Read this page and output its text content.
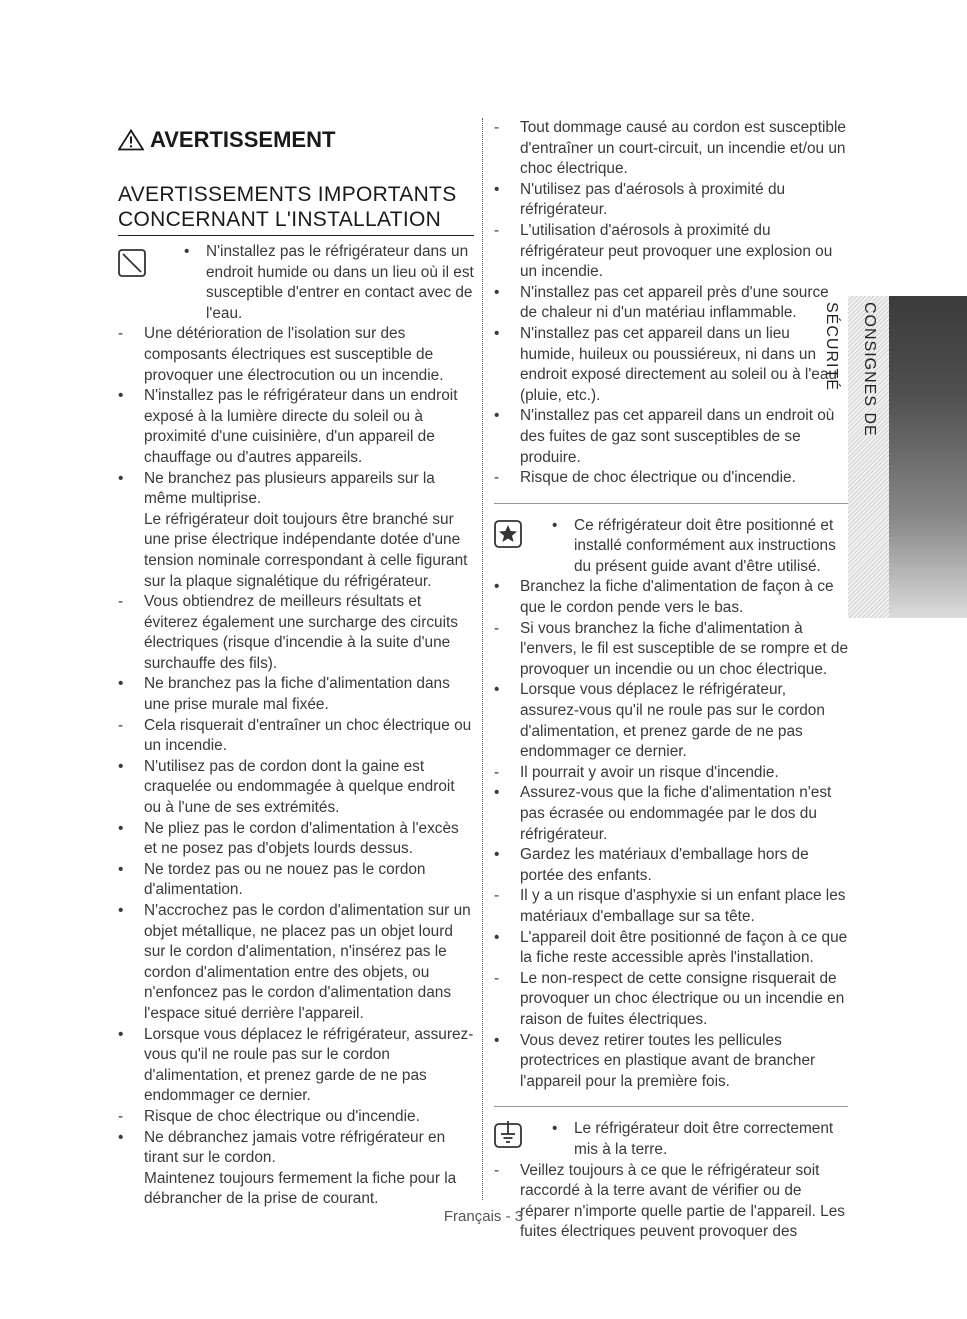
AVERTISSEMENT
AVERTISSEMENTS IMPORTANTS CONCERNANT L'INSTALLATION
• N'installez pas le réfrigérateur dans un endroit humide ou dans un lieu où il est susceptible d'entrer en contact avec de l'eau.
-
Une détérioration de l'isolation sur des composants électriques est susceptible de provoquer une électrocution ou un incendie.
•
N'installez pas le réfrigérateur dans un endroit exposé à la lumière directe du soleil ou à proximité d'une cuisinière, d'un appareil de chauffage ou d'autres appareils.
•
Ne branchez pas plusieurs appareils sur la même multiprise.
Le réfrigérateur doit toujours être branché sur une prise électrique indépendante dotée d'une tension nominale correspondant à celle figurant sur la plaque signalétique du réfrigérateur.
-
Vous obtiendrez de meilleurs résultats et éviterez également une surcharge des circuits électriques (risque d'incendie à la suite d'une surchauffe des fils).
•
Ne branchez pas la fiche d'alimentation dans une prise murale mal fixée.
-
Cela risquerait d'entraîner un choc électrique ou un incendie.
•
N'utilisez pas de cordon dont la gaine est craquelée ou endommagée à quelque endroit ou à l'une de ses extrémités.
•
Ne pliez pas le cordon d'alimentation à l'excès et ne posez pas d'objets lourds dessus.
•
Ne tordez pas ou ne nouez pas le cordon d'alimentation.
•
N'accrochez pas le cordon d'alimentation sur un objet métallique, ne placez pas un objet lourd sur le cordon d'alimentation, n'insérez pas le cordon d'alimentation entre des objets, ou n'enfoncez pas le cordon d'alimentation dans l'espace situé derrière l'appareil.
•
Lorsque vous déplacez le réfrigérateur, assurez-vous qu'il ne roule pas sur le cordon d'alimentation, et prenez garde de ne pas endommager ce dernier.
-
Risque de choc électrique ou d'incendie.
•
Ne débranchez jamais votre réfrigérateur en tirant sur le cordon.
Maintenez toujours fermement la fiche pour la débrancher de la prise de courant.
-
Tout dommage causé au cordon est susceptible d'entraîner un court-circuit, un incendie et/ou un choc électrique.
•
N'utilisez pas d'aérosols à proximité du réfrigérateur.
-
L'utilisation d'aérosols à proximité du réfrigérateur peut provoquer une explosion ou un incendie.
•
N'installez pas cet appareil près d'une source de chaleur ni d'un matériau inflammable.
•
N'installez pas cet appareil dans un lieu humide, huileux ou poussiéreux, ni dans un endroit exposé directement au soleil ou à l'eau (pluie, etc.).
•
N'installez pas cet appareil dans un endroit où des fuites de gaz sont susceptibles de se produire.
-
Risque de choc électrique ou d'incendie.
• Ce réfrigérateur doit être positionné et installé conformément aux instructions du présent guide avant d'être utilisé.
•
Branchez la fiche d'alimentation de façon à ce que le cordon pende vers le bas.
-
Si vous branchez la fiche d'alimentation à l'envers, le fil est susceptible de se rompre et de provoquer un incendie ou un choc électrique.
•
Lorsque vous déplacez le réfrigérateur, assurez-vous qu'il ne roule pas sur le cordon d'alimentation, et prenez garde de ne pas endommager ce dernier.
-
Il pourrait y avoir un risque d'incendie.
•
Assurez-vous que la fiche d'alimentation n'est pas écrasée ou endommagée par le dos du réfrigérateur.
•
Gardez les matériaux d'emballage hors de portée des enfants.
-
Il y a un risque d'asphyxie si un enfant place les matériaux d'emballage sur sa tête.
•
L'appareil doit être positionné de façon à ce que la fiche reste accessible après l'installation.
-
Le non-respect de cette consigne risquerait de provoquer un choc électrique ou un incendie en raison de fuites électriques.
•
Vous devez retirer toutes les pellicules protectrices en plastique avant de brancher l'appareil pour la première fois.
• Le réfrigérateur doit être correctement mis à la terre.
-
Veillez toujours à ce que le réfrigérateur soit raccordé à la terre avant de vérifier ou de réparer n'importe quelle partie de l'appareil. Les fuites électriques peuvent provoquer des
CONSIGNES DE SÉCURITÉ
Français - 3
